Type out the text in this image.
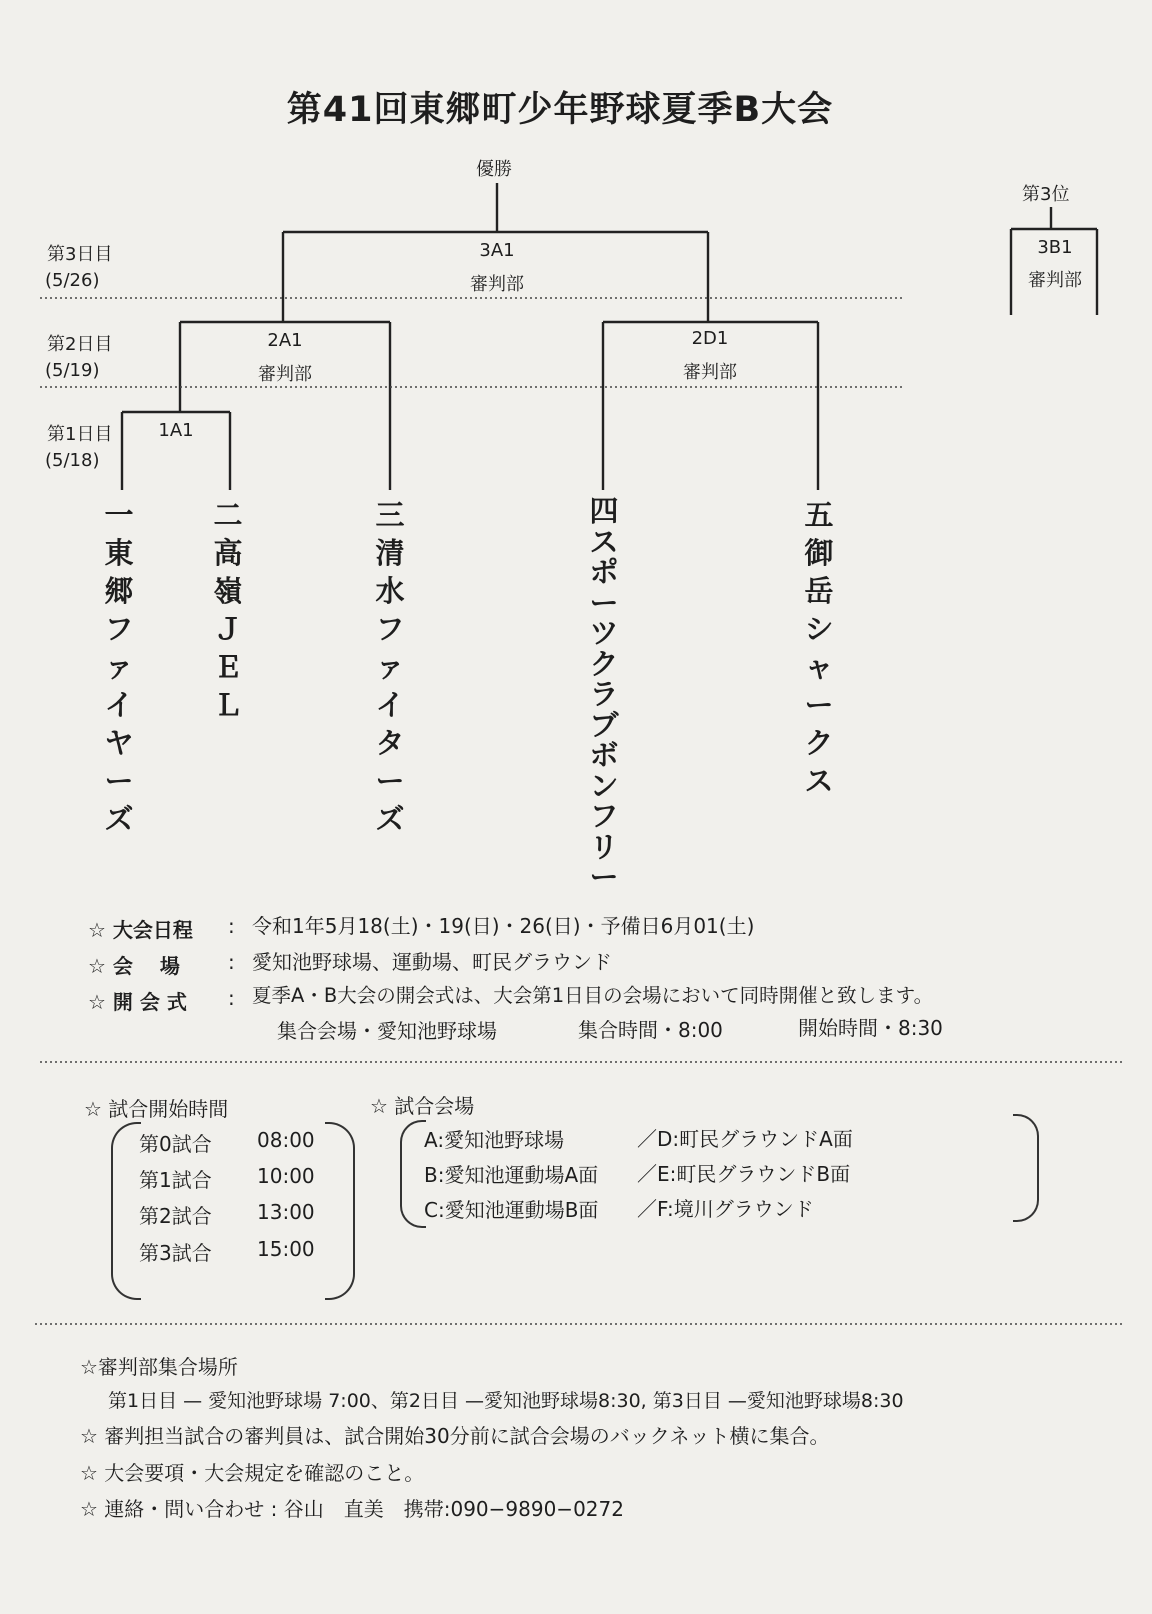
第41回東郷町少年野球夏季B大会
優勝
第3位
第3日目
(5/26)
第2日目
(5/19)
第1日目
(5/18)
3A1
審判部
2A1
審判部
2D1
審判部
1A1
3B1
審判部
一
東郷ファイヤーズ
二
高嶺ＪＥＬ
三
清水ファイターズ
四
スポーツクラブボンフリー
五
御岳シャークス
☆ 大会日程 : 令和1年5月18(土)・19(日)・26(日)・予備日6月01(土)
☆ 会　 場 : 愛知池野球場、運動場、町民グラウンド
☆ 開 会 式 : 夏季A・B大会の開会式は、大会第1日目の会場において同時開催と致します。
集合会場・愛知池野球場	集合時間・8:00	開始時間・8:30
☆ 試合開始時間
第0試合 08:00
第1試合 10:00
第2試合 13:00
第3試合 15:00
☆ 試合会場
A:愛知池野球場	／D:町民グラウンドA面
B:愛知池運動場A面 ／E:町民グラウンドB面
C:愛知池運動場B面 ／F:境川グラウンド
☆審判部集合場所
第1日目 — 愛知池野球場 7:00、第2日目 —愛知池野球場8:30, 第3日目 —愛知池野球場8:30
☆ 審判担当試合の審判員は、試合開始30分前に試合会場のバックネット横に集合。
☆ 大会要項・大会規定を確認のこと。
☆ 連絡・問い合わせ : 谷山　直美　携帯:090−9890−0272
